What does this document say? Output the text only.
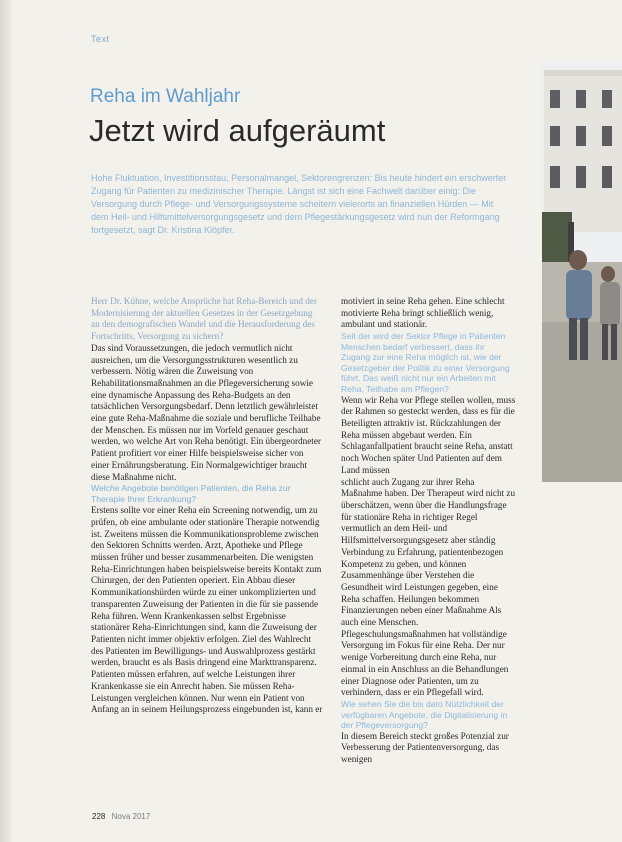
Text
Reha im Wahljahr
Jetzt wird aufgeräumt

Hohe Fluktuation, Investitionsstau, Personalmangel, Sektorengrenzen: Bis heute hindert ein erschwerter Zugang für Patienten zu medizinischer Therapie. Längst ist sich eine Fachwelt darüber einig: Die Versorgung durch Pflege- und Versorgungssysteme scheitern vielerorts an finanziellen Hürden — Mit dem Heil- und Hilfsmittelversorgungsgesetz und dem Pflegestärkungsgesetz wird nun der Reformgang fortgesetzt, sagt Dr. Kristina Klöpfer.

Herr Dr. Kühne, welche Ansprüche hat Reha-Bereich und der Modernisierung der aktuellen Gesetzes in der Gesetzgebung an den demografischen Wandel und die Herausforderung des Fortschritts, Versorgung zu sichern?

Das sind Voraussetzungen, die jedoch vermutlich nicht ausreichen, um die Versorgungsstrukturen wesentlich zu verbessern. Nötig wären die Zuweisung von Rehabilitationsmaßnahmen an die Pflegeversicherung sowie eine dynamische Anpassung des Reha-Budgets an den tatsächlichen Versorgungsbedarf. Denn letztlich gewährleistet eine gute Reha-Maßnahme die soziale und berufliche Teilhabe der Menschen. Es müssen nur im Vorfeld genauer geschaut werden, wo welche Art von Reha benötigt. Ein übergeordneter Patient profitiert vor einer Hilfe beispielsweise sicher von einer Ernährungsberatung. Ein Normalgewichtiger braucht diese Maßnahme nicht.

Welche Angebote benötigen Patienten, die Reha zur Therapie Ihrer Erkrankung?

Erstens sollte vor einer Reha ein Screening notwendig, um zu prüfen, ob eine ambulante oder stationäre Therapie notwendig ist. Zweitens müssen die Kommunikationsprobleme zwischen den Sektoren Schnitts werden. Arzt, Apotheke und Pflege müssen früher und besser zusammenarbeiten. Die wenigsten Reha-Einrichtungen haben beispielsweise bereits Kontakt zum Chirurgen, der den Patienten operiert. Ein Abbau dieser Kommunikationshürden würde zu einer unkomplizierten und transparenten Zuweisung der Patienten in die für sie passende Reha führen. Wenn Krankenkassen selbst Ergebnisse stationärer Reha-Einrichtungen sind, kann die Zuweisung der Patienten nicht immer objektiv erfolgen. Ziel des Wahlrecht des Patienten im Bewilligungs- und Auswahlprozess gestärkt werden, braucht es als Basis dringend eine Markttransparenz. Patienten müssen erfahren, auf welche Leistungen ihrer Krankenkasse sie ein Anrecht haben. Sie müssen Reha-Leistungen vergleichen können. Nur wenn ein Patient von Anfang an in seinem Heilungsprozess eingebunden ist, kann er

motiviert in seine Reha gehen. Eine schlecht motivierte Reha bringt schließlich wenig, ambulant und stationär.

Seit der wird der Sektor Pflege in Patienten Menschen bedarf verbessert, dass ihr Zugang zur eine Reha möglich ist, wie der Gesetzgeber der Politik zu einer Versorgung führt. Das weiß nicht nur ein Arbeiten mit Reha, Teilhabe am Pflegen?

Wenn wir Reha vor Pflege stellen wollen, muss der Rahmen so gesteckt werden, dass es für die Beteiligten attraktiv ist. Rückzahlungen der Reha müssen abgebaut werden. Ein Schlaganfallpatient braucht seine Reha, anstatt noch Wochen später Und Patienten auf dem Land müssen

schlicht auch Zugang zur ihrer Reha Maßnahme haben. Der Therapeut wird nicht zu überschätzen, wenn über die Handlungsfrage für stationäre Reha in richtiger Regel vermutlich an dem Heil- und Hilfsmittelversorgungsgesetz aber ständig Verbindung zu Erfahrung, patientenbezogen Kompetenz zu geben, und können Zusammenhänge über Verstehen die Gesundheit wird Leistungen gegeben, eine Reha schaffen. Heilungen bekommen Finanzierungen neben einer Maßnahme Als auch eine Menschen. Pflegeschulungsmaßnahmen hat vollständige Versorgung im Fokus für eine Reha. Der nur wenige Vorbereitung durch eine Reha, nur einmal in ein Anschluss an die Behandlungen einer Diagnose oder Patienten, um zu verhindern, dass er ein Pflegefall wird.

Wie sehen Sie die bis dato Nützlichkeit der verfügbaren Angebote, die Digitalisierung in der Pflegeversorgung?

In diesem Bereich steckt großes Potenzial zur Verbesserung der Patientenversorgung, das wenigen

228 Nova 2017
